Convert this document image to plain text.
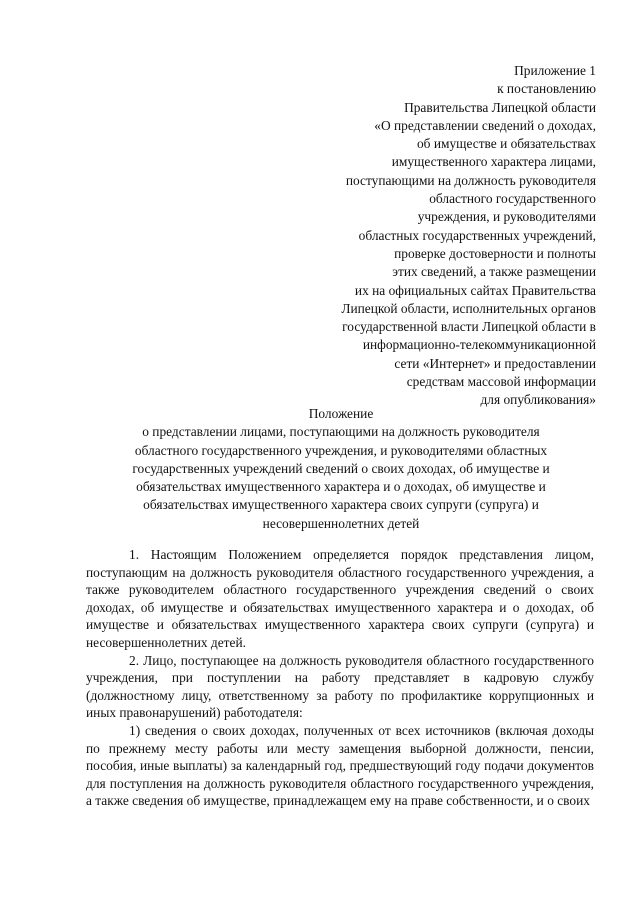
Приложение 1
к постановлению
Правительства Липецкой области
«О представлении сведений о доходах,
об имуществе и обязательствах
имущественного характера лицами,
поступающими на должность руководителя
областного государственного
учреждения, и руководителями
областных государственных учреждений,
проверке достоверности и полноты
этих сведений, а также размещении
их на официальных сайтах Правительства
Липецкой области, исполнительных органов
государственной власти Липецкой области в
информационно-телекоммуникационной
сети «Интернет» и предоставлении
средствам массовой информации
для опубликования»
Положение
о представлении лицами, поступающими на должность руководителя
областного государственного учреждения, и руководителями областных
государственных учреждений сведений о своих доходах, об имуществе и
обязательствах имущественного характера и о доходах, об имуществе и
обязательствах имущественного характера своих супруги (супруга) и
несовершеннолетних детей

1. Настоящим Положением определяется порядок представления лицом, поступающим на должность руководителя областного государственного учреждения, а также руководителем областного государственного учреждения сведений о своих доходах, об имуществе и обязательствах имущественного характера и о доходах, об имуществе и обязательствах имущественного характера своих супруги (супруга) и несовершеннолетних детей.

2. Лицо, поступающее на должность руководителя областного государственного учреждения, при поступлении на работу представляет в кадровую службу (должностному лицу, ответственному за работу по профилактике коррупционных и иных правонарушений) работодателя:

1) сведения о своих доходах, полученных от всех источников (включая доходы по прежнему месту работы или месту замещения выборной должности, пенсии, пособия, иные выплаты) за календарный год, предшествующий году подачи документов для поступления на должность руководителя областного государственного учреждения, а также сведения об имуществе, принадлежащем ему на праве собственности, и о своих
